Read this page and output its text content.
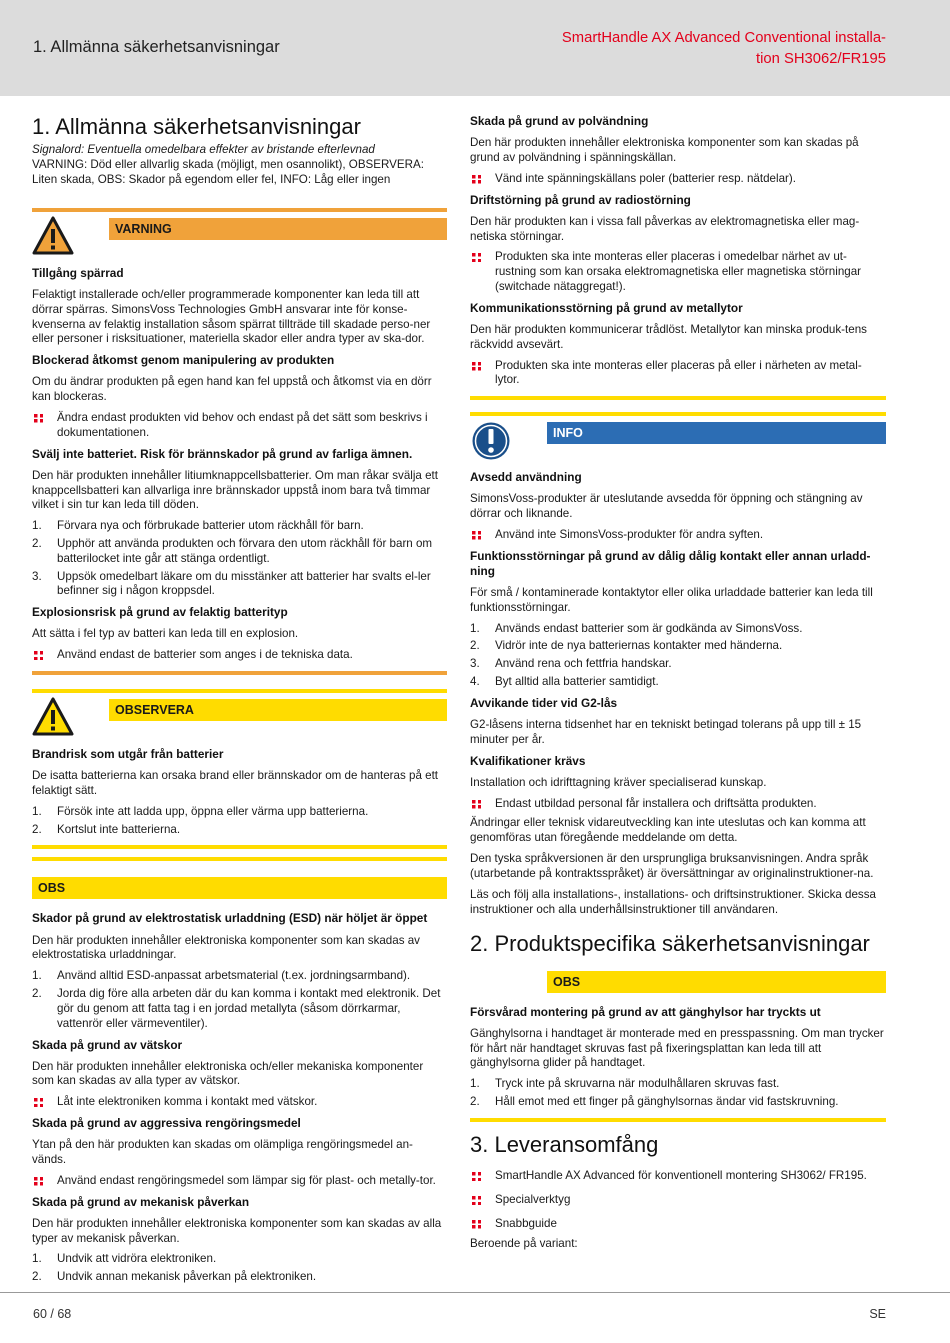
1. Allmänna säkerhetsanvisningar	SmartHandle AX Advanced Conventional installa-
tion SH3062/FR195
1. Allmänna säkerhetsanvisningar

Signalord: Eventuella omedelbara effekter av bristande efterlevnad
VARNING: Död eller allvarlig skada (möjligt, men osannolikt), OBSERVERA: Liten skada, OBS: Skador på egendom eller fel, INFO: Låg eller ingen

VARNING
Tillgång spärrad

Felaktigt installerade och/eller programmerade komponenter kan leda till att dörrar spärras. SimonsVoss Technologies GmbH ansvarar inte för konse-kvenserna av felaktig installation såsom spärrat tillträde till skadade perso-ner eller personer i risksituationer, materiella skador eller andra typer av ska-dor.

Blockerad åtkomst genom manipulering av produkten

Om du ändrar produkten på egen hand kan fel uppstå och åtkomst via en dörr kan blockeras.

Ändra endast produkten vid behov och endast på det sätt som beskrivs i dokumentationen.
Svälj inte batteriet. Risk för brännskador på grund av farliga ämnen.

Den här produkten innehåller litiumknappcellsbatterier. Om man råkar svälja ett knappcellsbatteri kan allvarliga inre brännskador uppstå inom bara två timmar vilket i sin tur kan leda till döden.

1. Förvara nya och förbrukade batterier utom räckhåll för barn.
2. Upphör att använda produkten och förvara den utom räckhåll för barn om batterilocket inte går att stänga ordentligt.
3. Uppsök omedelbart läkare om du misstänker att batterier har svalts el-ler befinner sig i någon kroppsdel.
Explosionsrisk på grund av felaktig batterityp

Att sätta i fel typ av batteri kan leda till en explosion.

Använd endast de batterier som anges i de tekniska data.
OBSERVERA
Brandrisk som utgår från batterier

De isatta batterierna kan orsaka brand eller brännskador om de hanteras på ett felaktigt sätt.

1. Försök inte att ladda upp, öppna eller värma upp batterierna.
2. Kortslut inte batterierna.
OBS
Skador på grund av elektrostatisk urladdning (ESD) när höljet är öppet

Den här produkten innehåller elektroniska komponenter som kan skadas av elektrostatiska urladdningar.

1. Använd alltid ESD-anpassat arbetsmaterial (t.ex. jordningsarmband).
2. Jorda dig före alla arbeten där du kan komma i kontakt med elektronik. Det gör du genom att fatta tag i en jordad metallyta (såsom dörrkarmar, vattenrör eller värmeventiler).
Skada på grund av vätskor

Den här produkten innehåller elektroniska och/eller mekaniska komponenter som kan skadas av alla typer av vätskor.

Låt inte elektroniken komma i kontakt med vätskor.
Skada på grund av aggressiva rengöringsmedel

Ytan på den här produkten kan skadas om olämpliga rengöringsmedel an-vänds.

Använd endast rengöringsmedel som lämpar sig för plast- och metally-tor.
Skada på grund av mekanisk påverkan

Den här produkten innehåller elektroniska komponenter som kan skadas av alla typer av mekanisk påverkan.

1. Undvik att vidröra elektroniken.
2. Undvik annan mekanisk påverkan på elektroniken.
Skada på grund av polvändning

Den här produkten innehåller elektroniska komponenter som kan skadas på grund av polvändning i spänningskällan.

Vänd inte spänningskällans poler (batterier resp. nätdelar).
Driftstörning på grund av radiostörning

Den här produkten kan i vissa fall påverkas av elektromagnetiska eller mag-netiska störningar.

Produkten ska inte monteras eller placeras i omedelbar närhet av ut-rustning som kan orsaka elektromagnetiska eller magnetiska störningar (switchade nätaggregat!).
Kommunikationsstörning på grund av metallytor

Den här produkten kommunicerar trådlöst. Metallytor kan minska produk-tens räckvidd avsevärt.

Produkten ska inte monteras eller placeras på eller i närheten av metal-lytor.
INFO
Avsedd användning

SimonsVoss-produkter är uteslutande avsedda för öppning och stängning av dörrar och liknande.

Använd inte SimonsVoss-produkter för andra syften.
Funktionsstörningar på grund av dålig dålig kontakt eller annan urladd-ning

För små / kontaminerade kontaktytor eller olika urladdade batterier kan leda till funktionsstörningar.

1. Används endast batterier som är godkända av SimonsVoss.
2. Vidrör inte de nya batteriernas kontakter med händerna.
3. Använd rena och fettfria handskar.
4. Byt alltid alla batterier samtidigt.
Avvikande tider vid G2-lås

G2-låsens interna tidsenhet har en tekniskt betingad tolerans på upp till ± 15 minuter per år.

Kvalifikationer krävs

Installation och idrifttagning kräver specialiserad kunskap.

Endast utbildad personal får installera och driftsätta produkten.

Ändringar eller teknisk vidareutveckling kan inte uteslutas och kan komma att genomföras utan föregående meddelande om detta.

Den tyska språkversionen är den ursprungliga bruksanvisningen. Andra språk (utarbetande på kontraktsspråket) är översättningar av originalinstruktioner-na.

Läs och följ alla installations-, installations- och driftsinstruktioner. Skicka dessa instruktioner och alla underhållsinstruktioner till användaren.

2. Produktspecifika säkerhetsanvisningar
OBS
Försvårad montering på grund av att gänghylsor har tryckts ut

Gänghylsorna i handtaget är monterade med en presspassning. Om man trycker för hårt när handtaget skruvas fast på fixeringsplattan kan leda till att gänghylsorna glider på handtaget.

1. Tryck inte på skruvarna när modulhållaren skruvas fast.
2. Håll emot med ett finger på gänghylsornas ändar vid fastskruvning.
3. Leveransomfång
SmartHandle AX Advanced för konventionell montering SH3062/ FR195.
Specialverktyg
Snabbguide

Beroende på variant:

60 / 68	SE
